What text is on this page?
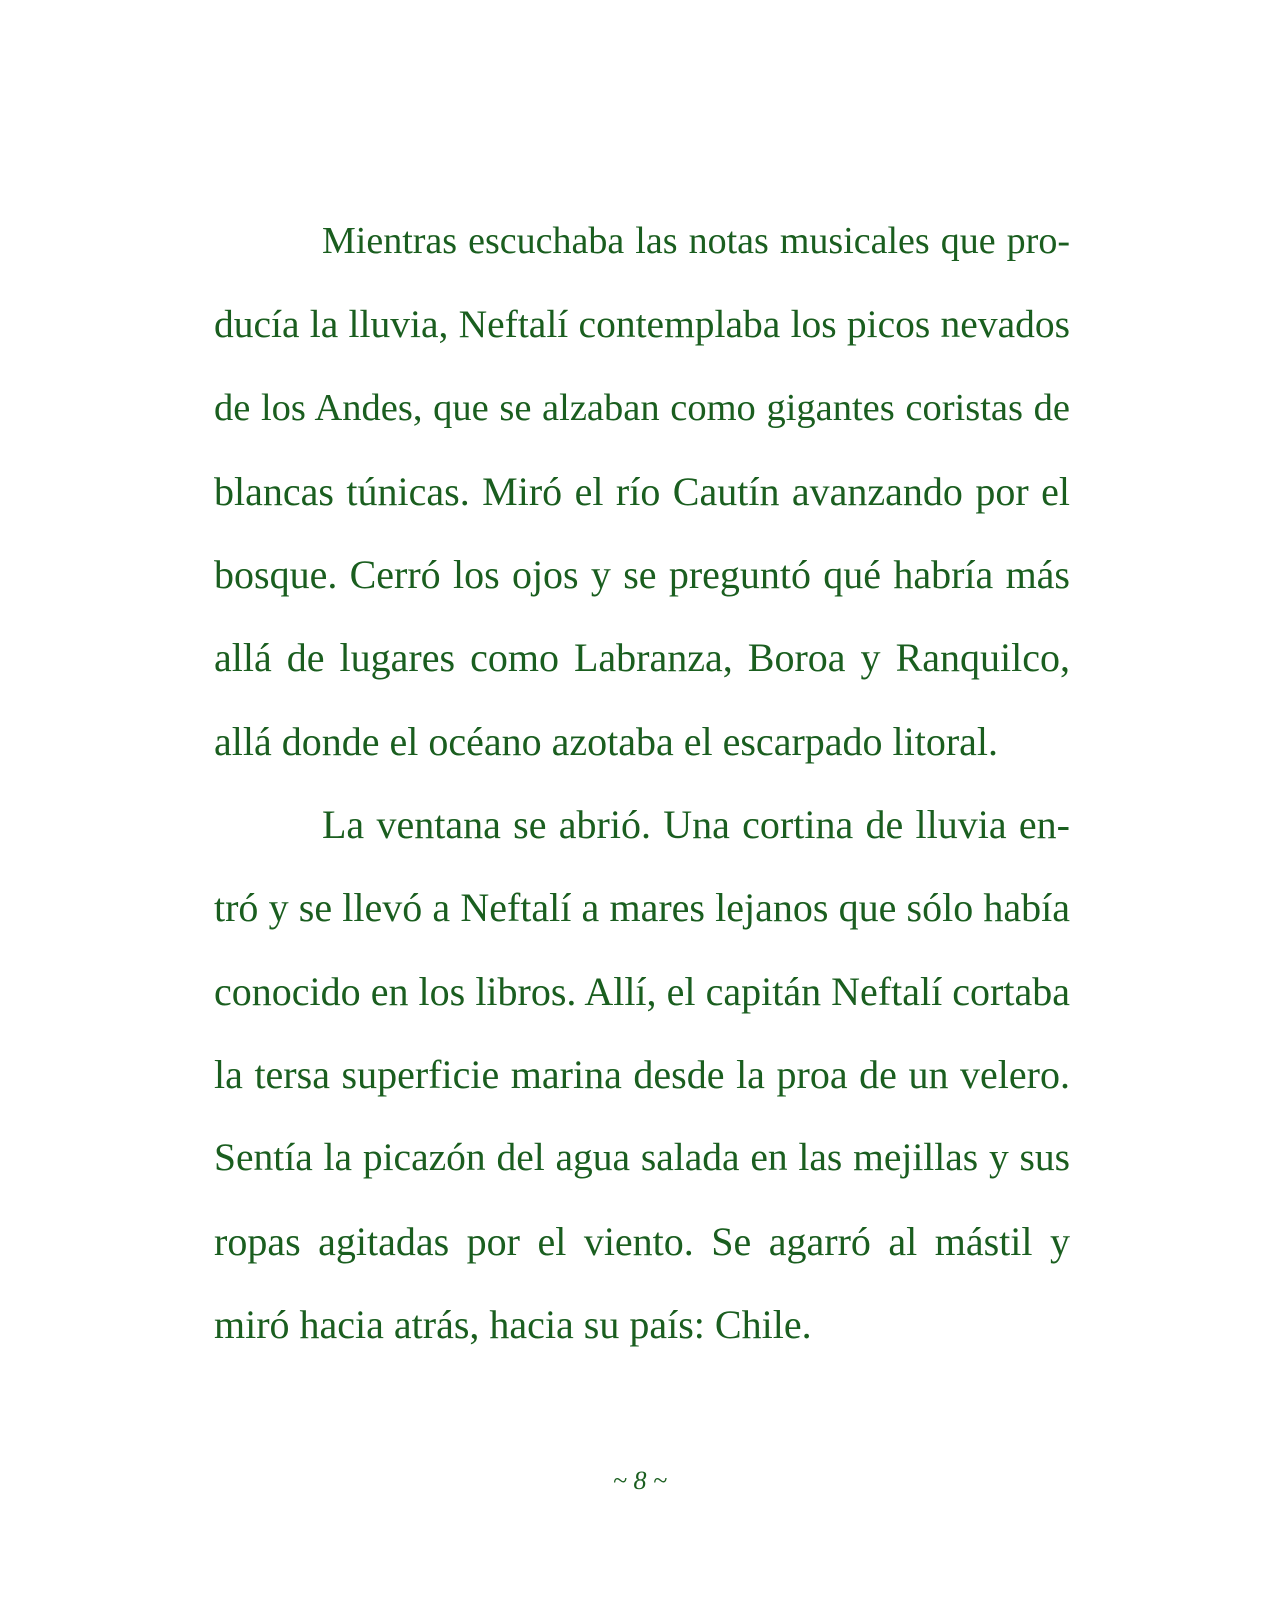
Mientras escuchaba las notas musicales que pro-
ducía la lluvia, Neftalí contemplaba los picos nevados
de los Andes, que se alzaban como gigantes coristas de
blancas túnicas. Miró el río Cautín avanzando por el
bosque. Cerró los ojos y se preguntó qué habría más
allá de lugares como Labranza, Boroa y Ranquilco,
allá donde el océano azotaba el escarpado litoral.
La ventana se abrió. Una cortina de lluvia en-
tró y se llevó a Neftalí a mares lejanos que sólo había
conocido en los libros. Allí, el capitán Neftalí cortaba
la tersa superficie marina desde la proa de un velero.
Sentía la picazón del agua salada en las mejillas y sus
ropas agitadas por el viento. Se agarró al mástil y
miró hacia atrás, hacia su país: Chile.
~ 8 ~
